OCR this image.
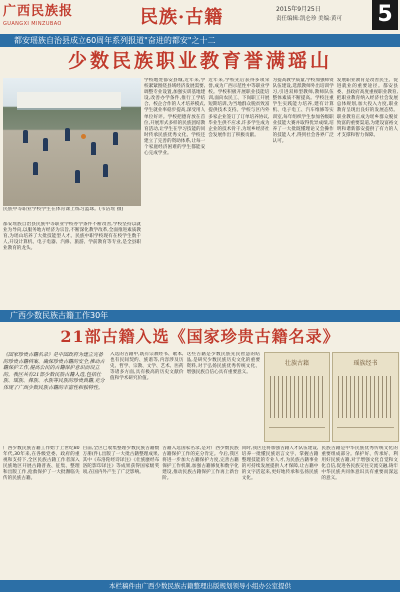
广西民族报
GUANGXI MINZUBAO	民族·古籍	2015年9月25日
责任编辑:凯仑珍 美编:黄可 5
都安瑶族自治县成立60周年系列报道"奋进的都安"之十二
少数民族职业教育誉满瑶山
民族中等职业学校学生在体育课上练习篮球。(韦洁瑶 摄)
都安瑶族自治县民族中等职业学校办学条件不断改善,学校坚持以就业为导向,以服务地方经济为宗旨,不断深化教学改革,全面推进素质教育,为瑶山培养了大批技能型人才。民族中职学校现有在校学生数千人,开设计算机、电子电器、汽修、旅游、学前教育等专业,是全县职业教育的龙头。
学校地处都安县城,近年来,学校紧紧围绕县域经济发展需要,调整专业设置,加强实训基地建设,改善办学条件,推行工学结合、校企合作的人才培养模式,学生就业率稳步提高,深受用人单位好评。学校把德育放在首位,开展形式多样的民族团结教育活动,让学生在学习技能的同时传承民族优秀文化。学校还建立了完善的资助体系,让每一个家庭经济困难的学生都能安心完成学业。
近年来,学校先后获得多项荣誉,成为广西示范性中等职业学校。学校积极开展职业技能培训,面向农民工、下岗职工开展短期培训,为当地群众脱贫致富提供技术支持。学校与区内外多家企业签订了订单培养协议,毕业生供不应求,许多学生成为企业的技术骨干,为瑶乡经济社会发展作出了积极贡献。
为提高教学质量,学校加强师资队伍建设,选派教师外出培训学习,引进双师型教师,教师队伍整体素质不断提高。学校注重学生实践能力培养,建有计算机、电子电工、汽车维修等实训室,每年组织学生参加各级职业技能大赛并取得优异成绩,培养了一大批既懂理论又会操作的技能人才,得到社会各界广泛认可。
发展职业教育是改善民生、促进就业的重要途径。都安县委、县政府高度重视职业教育,把职业教育纳入经济社会发展总体规划,加大投入力度,职业教育呈现出良好的发展态势。职业教育正成为瑶乡群众脱贫致富的重要渠道,为建设富裕文明和谐新都安提供了有力的人才支撑和智力保障。
广西少数民族古籍工作30年
21部古籍入选《国家珍贵古籍名录》
《国家珍贵古籍名录》是中国政府为建立完备的珍贵古籍档案、确保珍贵古籍的安全,推动古籍保护工作,提高公民的古籍保护意识而设立的。我区共有21部少数民族古籍入选,包括壮族、瑶族、彝族、水族等民族的珍贵典籍,充分体现了广西少数民族古籍的丰富性和独特性。
入选的古籍中,既有宗教经书、歌本,也有民间契约、族谱等,内容涉及历史、哲学、宗教、文学、艺术、医药等诸多方面,具有极高的历史文献价值和学术研究价值。
这些古籍是少数民族先民智慧的结晶,是研究少数民族历史文化的重要资料,对于弘扬民族优秀传统文化、增强民族自信心具有重要意义。
壮族古籍	瑶族经书
广西少数民族古籍工作始于上世纪80年代,30年来,在各级党委、政府的重视和支持下,全区民族古籍工作者深入民族地区开展古籍普查、征集、整理和出版工作,抢救保护了一大批濒临失传的民族古籍。
目前,全区已收集整理少数民族古籍数万册(件),出版了一大批古籍整理成果,其中《布洛陀经诗译注》《壮族麽经布洛陀影印译注》等成果获得国家级奖项,在国内外产生了广泛影响。
古籍入选国家名录,是对广西少数民族古籍保护工作的充分肯定。今后,我区将进一步加大古籍保护力度,完善古籍保护工作机制,加强古籍修复和数字化建设,推动民族古籍保护工作再上新台阶。
同时,我区还将加强古籍人才队伍建设,培养一批懂民族语言文字、掌握古籍整理技能的专业人才,为民族古籍事业的可持续发展提供人才保障,让古籍中的文字活起来,更好地传承和弘扬民族文化。
民族古籍是中华民族优秀传统文化的重要组成部分。保护好、传承好、利用好民族古籍,对于增强文化自觉和文化自信,促进各民族交往交流交融,铸牢中华民族共同体意识具有重要而深远的意义。
本栏稿件由广西少数民族古籍整理出版规划领导小组办公室提供
